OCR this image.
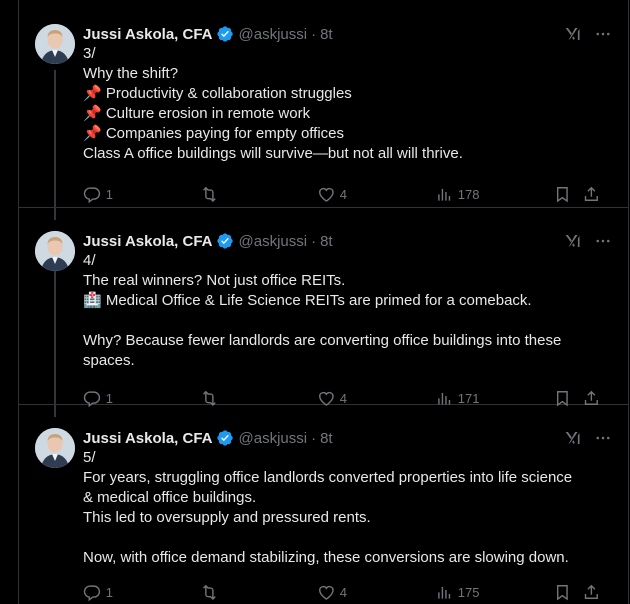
Jussi Askola, CFA @askjussi · 8t
3/
Why the shift?
📌 Productivity & collaboration struggles
📌 Culture erosion in remote work
📌 Companies paying for empty offices
Class A office buildings will survive—but not all will thrive.
1	4	178
Jussi Askola, CFA @askjussi · 8t
4/
The real winners? Not just office REITs.
🏥 Medical Office & Life Science REITs are primed for a comeback.
Why? Because fewer landlords are converting office buildings into these
spaces.
1	4	171
Jussi Askola, CFA @askjussi · 8t
5/
For years, struggling office landlords converted properties into life science
& medical office buildings.
This led to oversupply and pressured rents.
Now, with office demand stabilizing, these conversions are slowing down.
1	4	175
